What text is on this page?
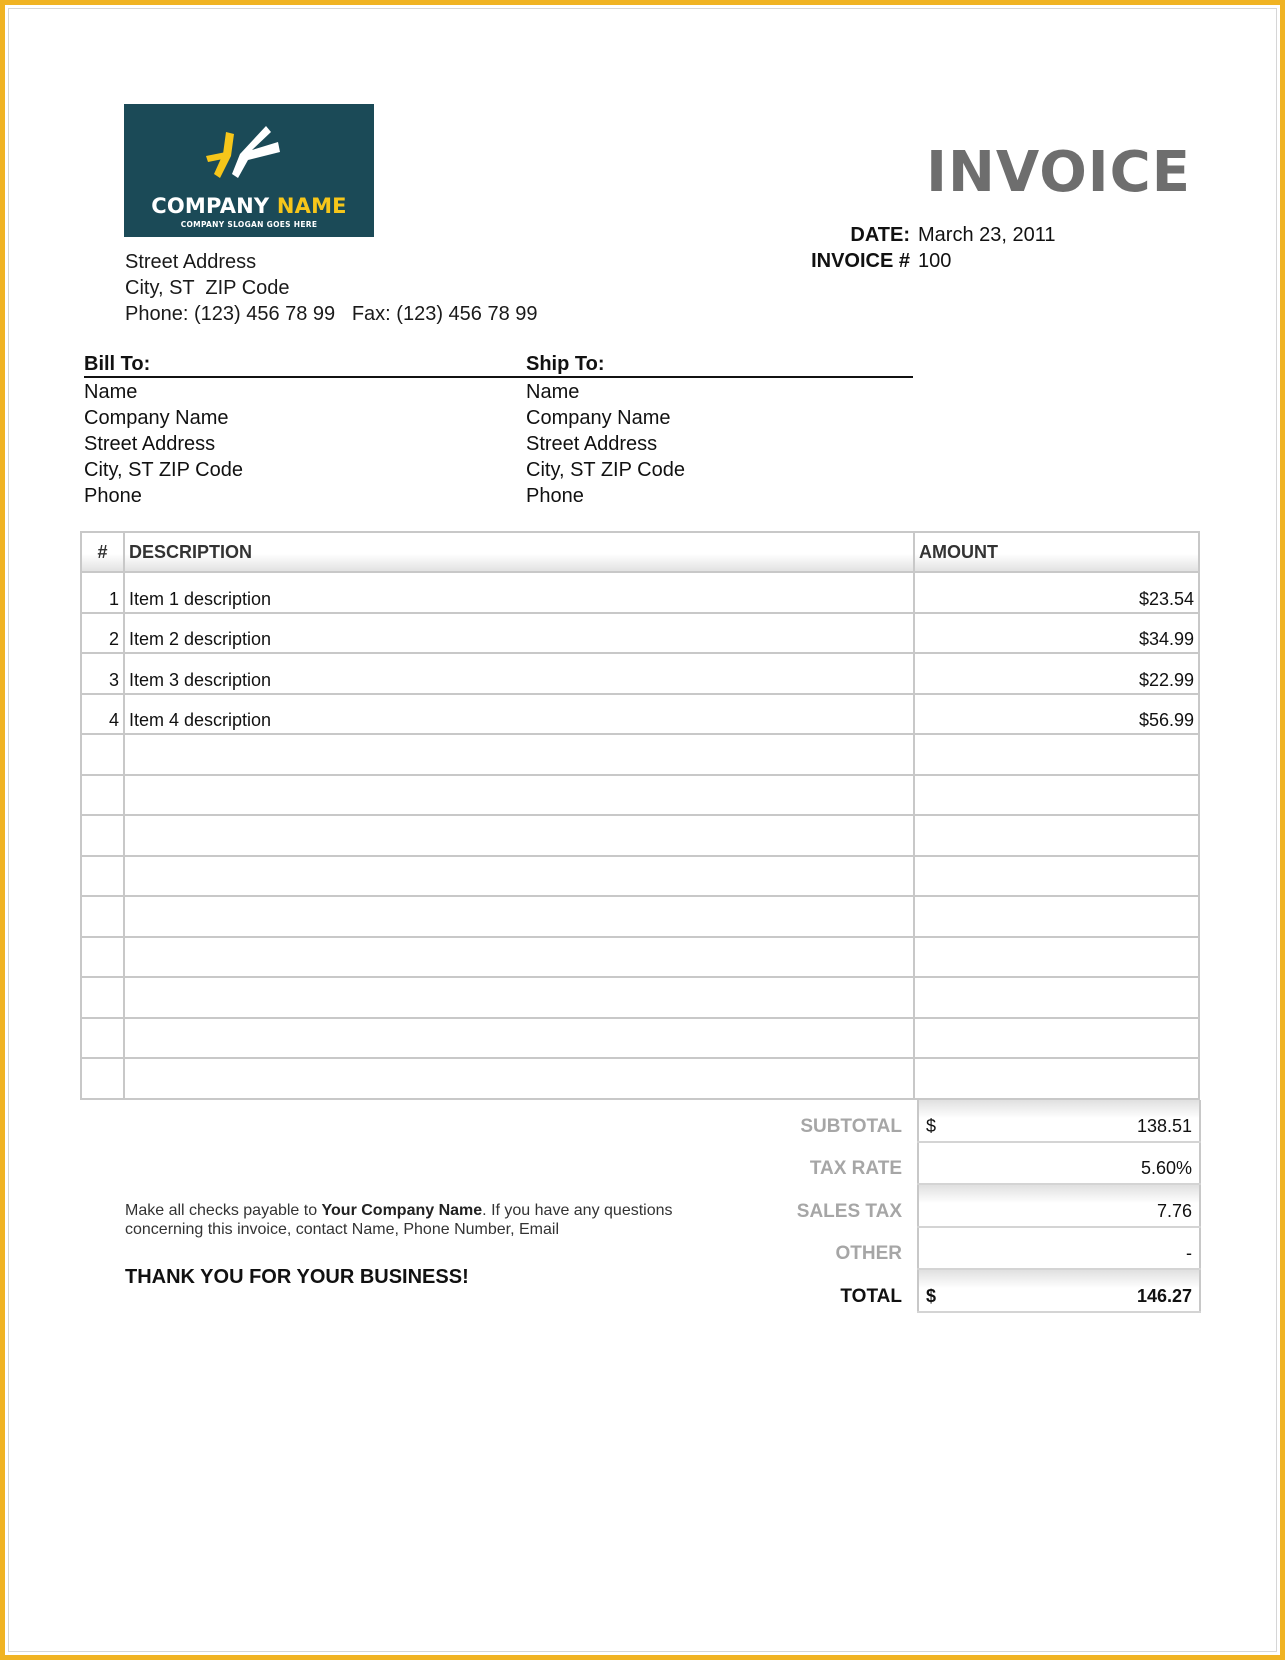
COMPANY NAME
COMPANY SLOGAN GOES HERE
Street Address
City, ST  ZIP Code
Phone: (123) 456 78 99   Fax: (123) 456 78 99
INVOICE
DATE: March 23, 2011
INVOICE # 100
Bill To:
Name
Company Name
Street Address
City, ST ZIP Code
Phone
Ship To:
Name
Company Name
Street Address
City, ST ZIP Code
Phone
#	DESCRIPTION	AMOUNT
1	Item 1 description	$23.54
2	Item 2 description	$34.99
3	Item 3 description	$22.99
4	Item 4 description	$56.99

SUBTOTAL	$ 138.51
TAX RATE	5.60%
SALES TAX	7.76
OTHER	-
TOTAL	$ 146.27
Make all checks payable to Your Company Name. If you have any questions concerning this invoice, contact Name, Phone Number, Email
THANK YOU FOR YOUR BUSINESS!
